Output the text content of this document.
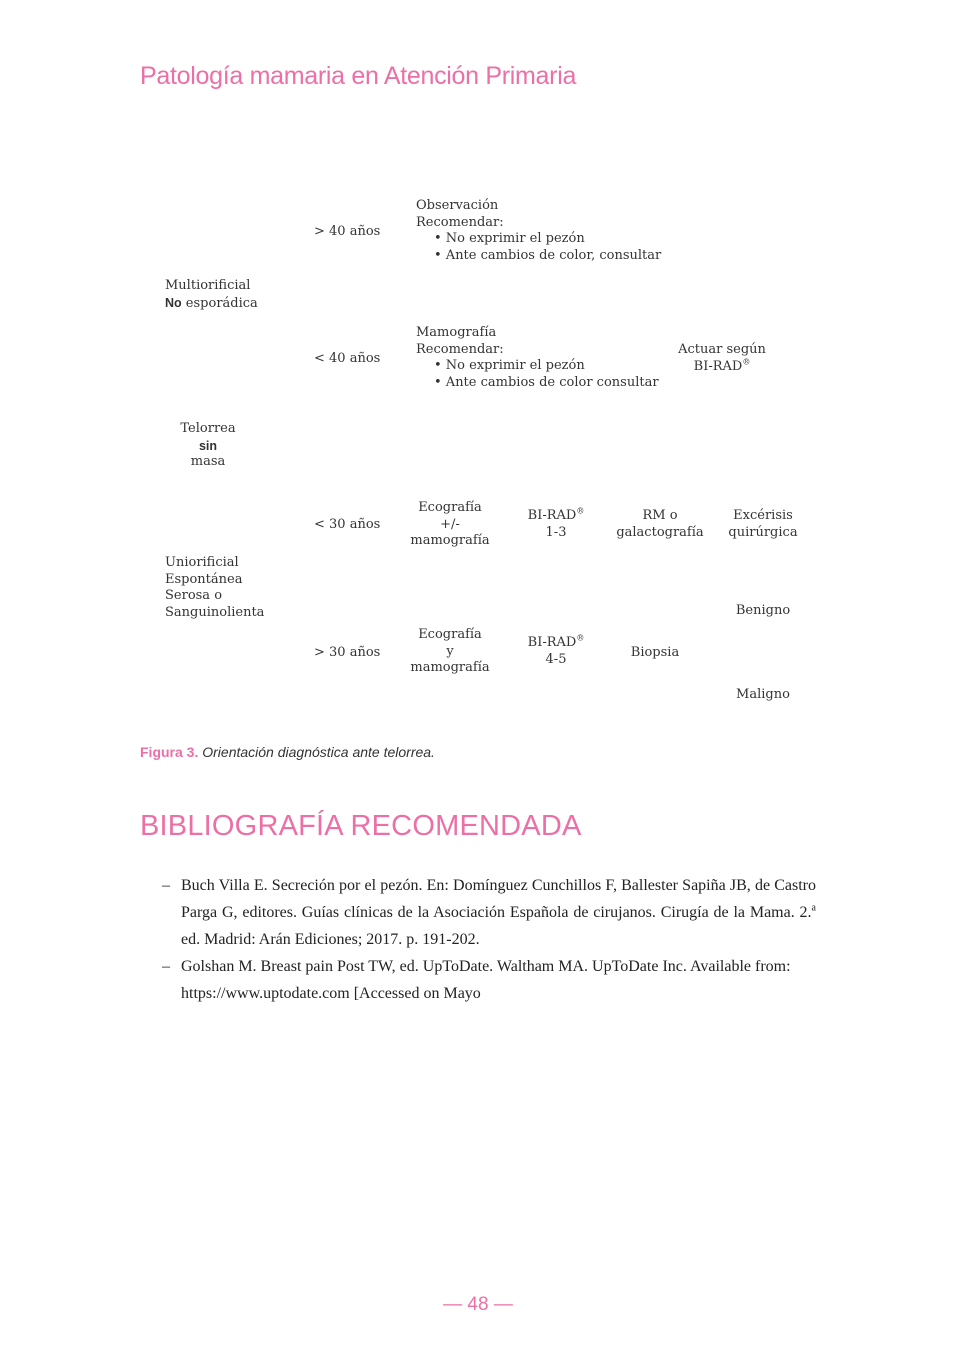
Patología mamaria en Atención Primaria
Telorrea
sin
masa
Multiorificial
No esporádica
> 40 años
Observación
Recomendar:
• No exprimir el pezón
• Ante cambios de color, consultar
< 40 años
Mamografía
Recomendar:
• No exprimir el pezón
• Ante cambios de color consultar
Actuar según
BI-RAD®
Uniorificial
Espontánea
Serosa o
Sanguinolienta
< 30 años
Ecografía
+/-
mamografía
BI-RAD®
1-3
RM o
galactografía
Excérisis
quirúrgica
> 30 años
Ecografía
y
mamografía
BI-RAD®
4-5	Biopsia
Benigno
Maligno
Figura 3. Orientación diagnóstica ante telorrea.
BIBLIOGRAFÍA RECOMENDADA
– Buch Villa E. Secreción por el pezón. En: Domínguez Cunchillos F, Ballester Sapiña JB, de Castro Parga G, editores. Guías clínicas de la Asociación Española de cirujanos. Cirugía de la Mama. 2.$^a$ ed. Madrid: Arán Ediciones; 2017. p. 191-202.
– Golshan M. Breast pain Post TW, ed. UpToDate. Waltham MA. UpToDate Inc. Available from: https://www.uptodate.com [Accessed on Mayo
— 48 —
